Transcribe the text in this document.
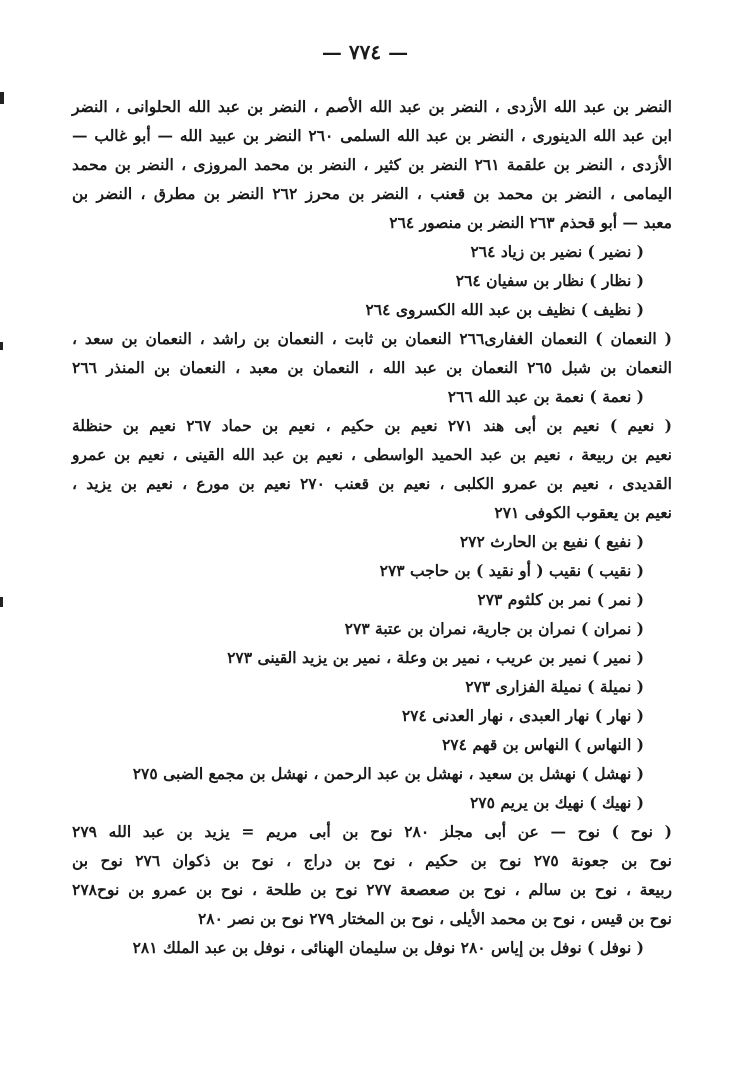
— ٧٧٤ —
النضر بن عبد الله الأزدى ، النضر بن عبد الله الأصم ، النضر بن عبد الله الحلوانى ، النضر
ابن عبد الله الدينورى ، النضر بن عبد الله السلمى ٢٦٠ النضر بن عبيد الله — أبو غالب —
الأزدى ، النضر بن علقمة ٢٦١ النضر بن كثير ، النضر بن محمد المروزى ، النضر بن محمد
اليمامى ، النضر بن محمد بن قعنب ، النضر بن محرز ٢٦٢ النضر بن مطرق ، النضر بن
معبد — أبو قحذم ٢٦٣ النضر بن منصور ٢٦٤
( نضير ) نضير بن زياد ٢٦٤
( نظار ) نظار بن سفيان ٢٦٤
( نظيف ) نظيف بن عبد الله الكسروى ٢٦٤
( النعمان ) النعمان الغفارى٢٦٦ النعمان بن ثابت ، النعمان بن راشد ، النعمان بن سعد ،
النعمان بن شبل ٢٦٥ النعمان بن عبد الله ، النعمان بن معبد ، النعمان بن المنذر ٢٦٦
( نعمة ) نعمة بن عبد الله ٢٦٦
( نعيم ) نعيم بن أبى هند ٢٧١ نعيم بن حكيم ، نعيم بن حماد ٢٦٧ نعيم بن حنظلة
نعيم بن ربيعة ، نعيم بن عبد الحميد الواسطى ، نعيم بن عبد الله القينى ، نعيم بن عمرو
القديدى ، نعيم بن عمرو الكلبى ، نعيم بن قعنب ٢٧٠ نعيم بن مورع ، نعيم بن يزيد ،
نعيم بن يعقوب الكوفى ٢٧١
( نفيع ) نفيع بن الحارث ٢٧٢
( نقيب ) نقيب ( أو نقيد ) بن حاجب ٢٧٣
( نمر ) نمر بن كلثوم ٢٧٣
( نمران ) نمران بن جارية، نمران بن عتبة ٢٧٣
( نمير ) نمير بن عريب ، نمير بن وعلة ، نمير بن يزيد القينى ٢٧٣
( نميلة ) نميلة الفزارى ٢٧٣
( نهار ) نهار العبدى ، نهار العدنى ٢٧٤
( النهاس ) النهاس بن قهم ٢٧٤
( نهشل ) نهشل بن سعيد ، نهشل بن عبد الرحمن ، نهشل بن مجمع الضبى ٢٧٥
( نهيك ) نهيك بن يريم ٢٧٥
( نوح ) نوح — عن أبى مجلز ٢٨٠ نوح بن أبى مريم = يزيد بن عبد الله ٢٧٩
نوح بن جعونة ٢٧٥ نوح بن حكيم ، نوح بن دراج ، نوح بن ذكوان ٢٧٦ نوح بن
ربيعة ، نوح بن سالم ، نوح بن صعصعة ٢٧٧ نوح بن طلحة ، نوح بن عمرو بن نوح٢٧٨
نوح بن قيس ، نوح بن محمد الأيلى ، نوح بن المختار ٢٧٩ نوح بن نصر ٢٨٠
( نوفل ) نوفل بن إياس ٢٨٠ نوفل بن سليمان الهنائى ، نوفل بن عبد الملك ٢٨١
